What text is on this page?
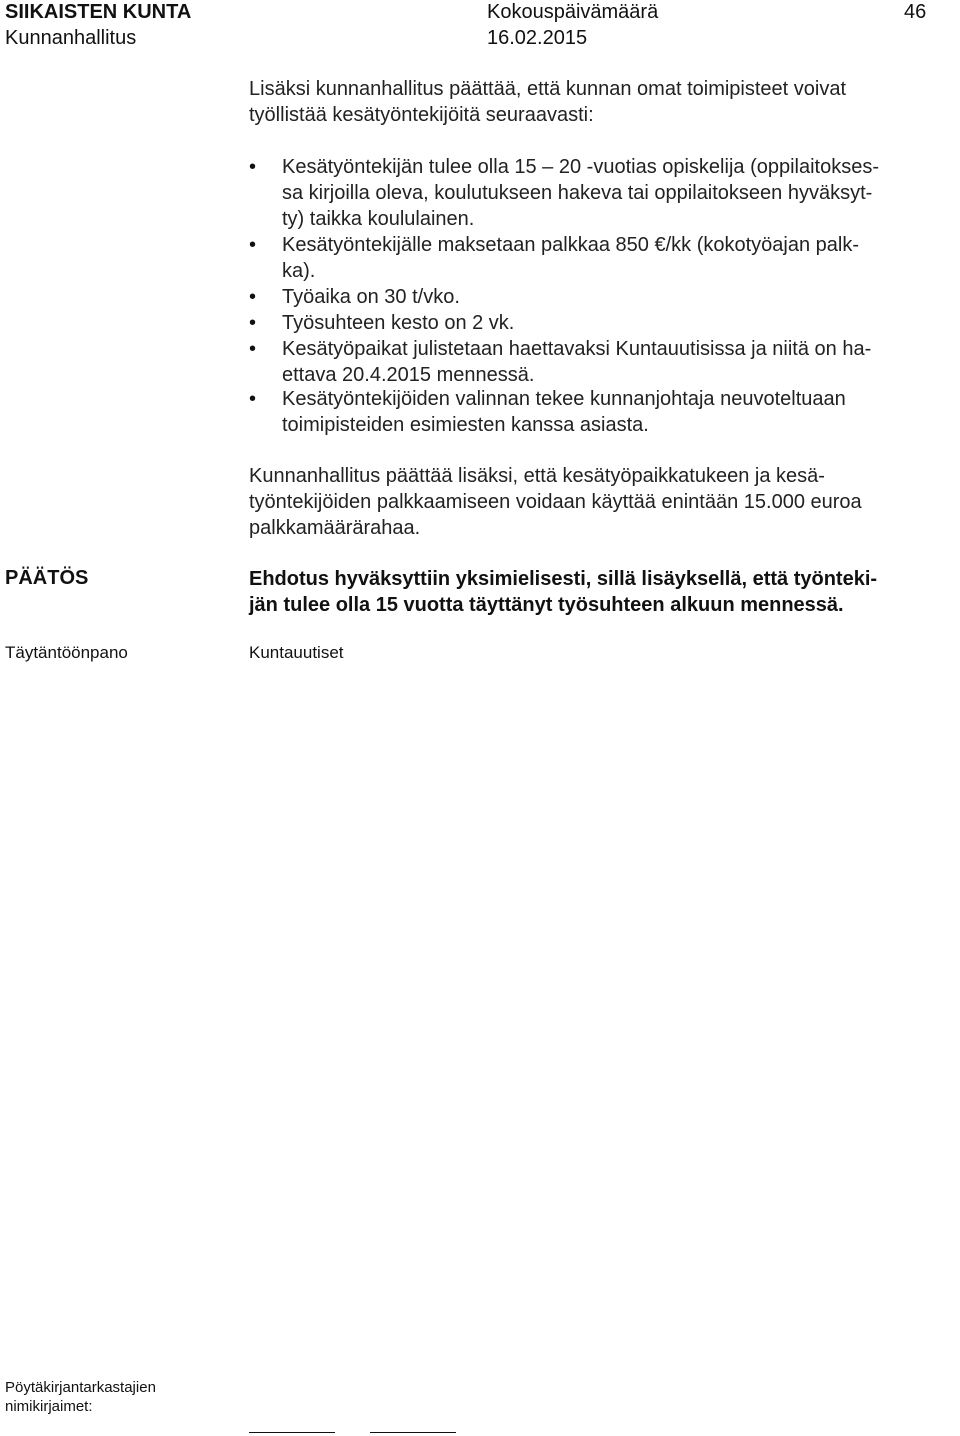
SIIKAISTEN KUNTA
Kunnanhallitus
Kokouspäivämäärä
16.02.2015
46
Lisäksi kunnanhallitus päättää, että kunnan omat toimipisteet voivat
työllistää kesätyöntekijöitä seuraavasti:
• Kesätyöntekijän tulee olla 15 – 20 -vuotias opiskelija (oppilaitokses-
sa kirjoilla oleva, koulutukseen hakeva tai oppilaitokseen hyväksyt-
ty) taikka koululainen.
• Kesätyöntekijälle maksetaan palkkaa 850 €/kk (kokotyöajan palk-
ka).
• Työaika on 30 t/vko.
• Työsuhteen kesto on 2 vk.
• Kesätyöpaikat julistetaan haettavaksi Kuntauutisissa ja niitä on ha-
ettava 20.4.2015 mennessä.
• Kesätyöntekijöiden valinnan tekee kunnanjohtaja neuvoteltuaan
toimipisteiden esimiesten kanssa asiasta.
Kunnanhallitus päättää lisäksi, että kesätyöpaikkatukeen ja kesä-
työntekijöiden palkkaamiseen voidaan käyttää enintään 15.000 euroa
palkkamäärärahaa.
PÄÄTÖS	Ehdotus hyväksyttiin yksimielisesti, sillä lisäyksellä, että työnteki-
jän tulee olla 15 vuotta täyttänyt työsuhteen alkuun mennessä.
Täytäntöönpano	Kuntauutiset
Pöytäkirjantarkastajien
nimikirjaimet:
